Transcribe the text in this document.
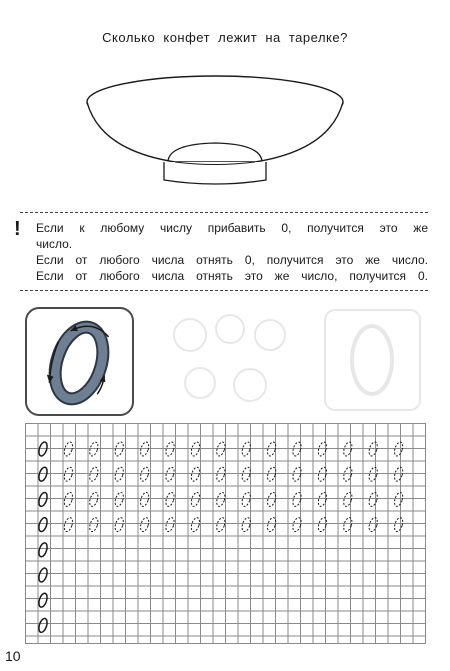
Сколько конфет лежит на тарелке?
! Если к любому числу прибавить 0, получится это же
число.
Если от любого числа отнять 0, получится это же число.
Если от любого числа отнять это же число, получится 0.
10
